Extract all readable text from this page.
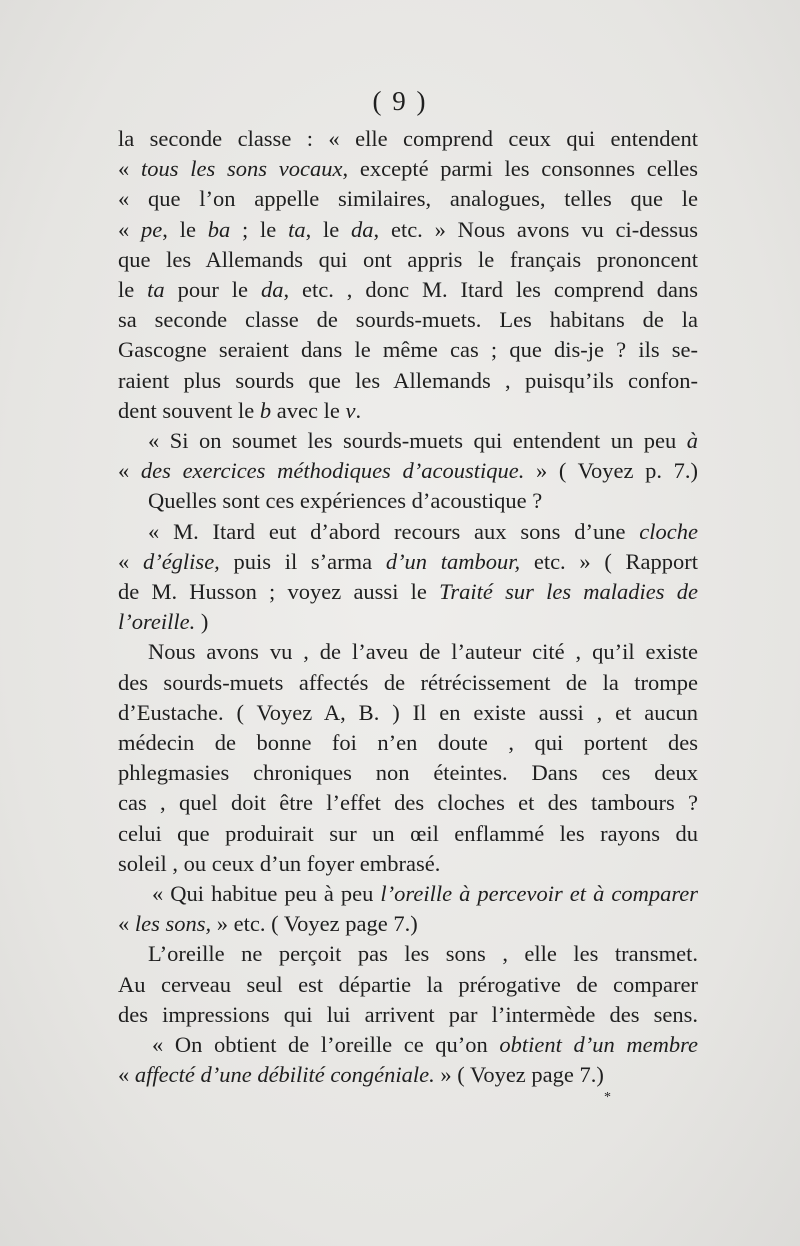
( 9 )
la seconde classe : « elle comprend ceux qui entendent
« tous les sons vocaux, excepté parmi les consonnes celles
« que l’on appelle similaires, analogues, telles que le
« pe, le ba ; le ta, le da, etc. » Nous avons vu ci-dessus
que les Allemands qui ont appris le français prononcent
le ta pour le da, etc. , donc M. Itard les comprend dans
sa seconde classe de sourds-muets. Les habitans de la
Gascogne seraient dans le même cas ; que dis-je ? ils se-
raient plus sourds que les Allemands , puisqu’ils confon-
dent souvent le b avec le v.
« Si on soumet les sourds-muets qui entendent un peu à
« des exercices méthodiques d’acoustique. » ( Voyez p. 7.)
Quelles sont ces expériences d’acoustique ?
« M. Itard eut d’abord recours aux sons d’une cloche
« d’église, puis il s’arma d’un tambour, etc. » ( Rapport
de M. Husson ; voyez aussi le Traité sur les maladies de
l’oreille. )
Nous avons vu , de l’aveu de l’auteur cité , qu’il existe
des sourds-muets affectés de rétrécissement de la trompe
d’Eustache. ( Voyez A, B. ) Il en existe aussi , et aucun
médecin de bonne foi n’en doute , qui portent des
phlegmasies chroniques non éteintes. Dans ces deux
cas , quel doit être l’effet des cloches et des tambours ?
celui que produirait sur un œil enflammé les rayons du
soleil , ou ceux d’un foyer embrasé.
« Qui habitue peu à peu l’oreille à percevoir et à comparer
« les sons, » etc. ( Voyez page 7.)
L’oreille ne perçoit pas les sons , elle les transmet.
Au cerveau seul est départie la prérogative de comparer
des impressions qui lui arrivent par l’intermède des sens.
« On obtient de l’oreille ce qu’on obtient d’un membre
« affecté d’une débilité congéniale. » ( Voyez page 7.)
*
